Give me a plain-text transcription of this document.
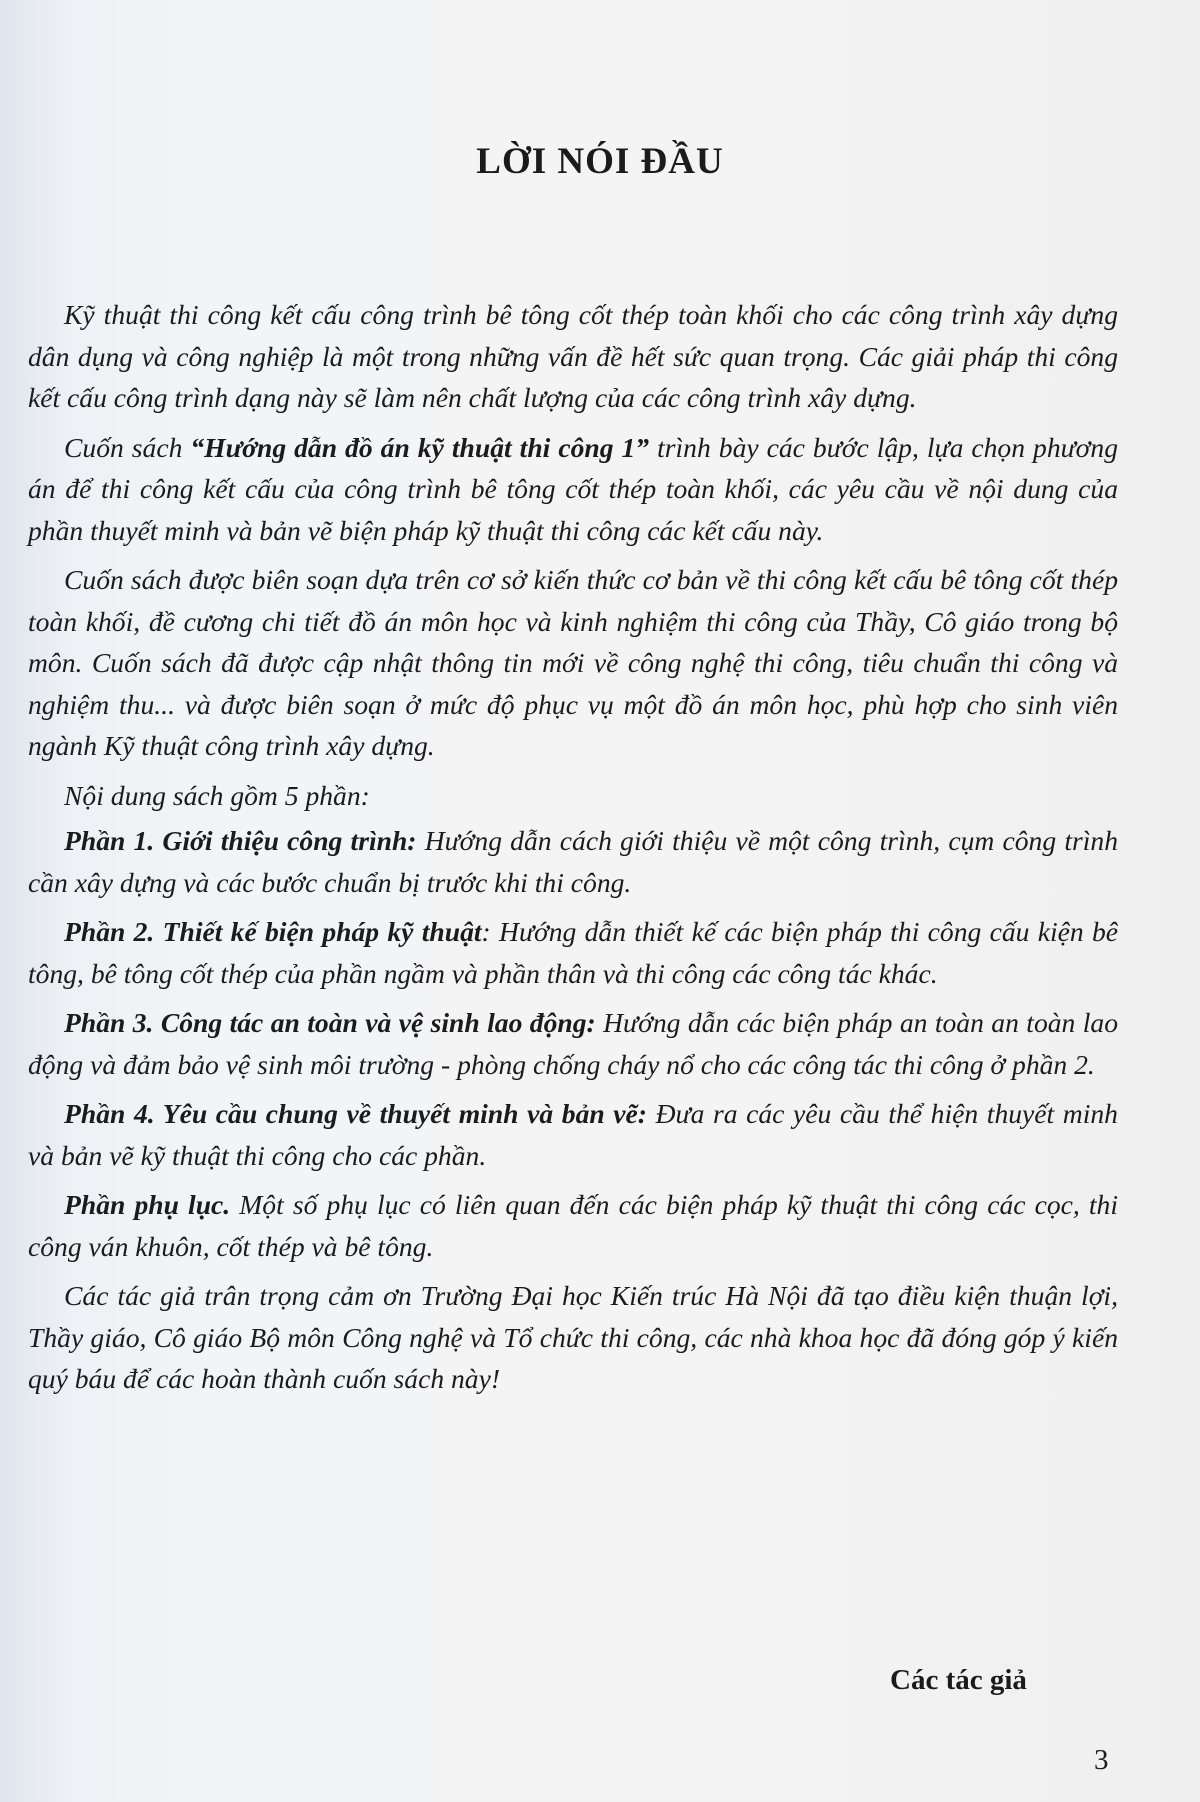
LỜI NÓI ĐẦU

Kỹ thuật thi công kết cấu công trình bê tông cốt thép toàn khối cho các công trình xây dựng dân dụng và công nghiệp là một trong những vấn đề hết sức quan trọng. Các giải pháp thi công kết cấu công trình dạng này sẽ làm nên chất lượng của các công trình xây dựng.

Cuốn sách “Hướng dẫn đồ án kỹ thuật thi công 1” trình bày các bước lập, lựa chọn phương án để thi công kết cấu của công trình bê tông cốt thép toàn khối, các yêu cầu về nội dung của phần thuyết minh và bản vẽ biện pháp kỹ thuật thi công các kết cấu này.

Cuốn sách được biên soạn dựa trên cơ sở kiến thức cơ bản về thi công kết cấu bê tông cốt thép toàn khối, đề cương chi tiết đồ án môn học và kinh nghiệm thi công của Thầy, Cô giáo trong bộ môn. Cuốn sách đã được cập nhật thông tin mới về công nghệ thi công, tiêu chuẩn thi công và nghiệm thu... và được biên soạn ở mức độ phục vụ một đồ án môn học, phù hợp cho sinh viên ngành Kỹ thuật công trình xây dựng.

Nội dung sách gồm 5 phần:

Phần 1. Giới thiệu công trình: Hướng dẫn cách giới thiệu về một công trình, cụm công trình cần xây dựng và các bước chuẩn bị trước khi thi công.

Phần 2. Thiết kế biện pháp kỹ thuật: Hướng dẫn thiết kế các biện pháp thi công cấu kiện bê tông, bê tông cốt thép của phần ngầm và phần thân và thi công các công tác khác.

Phần 3. Công tác an toàn và vệ sinh lao động: Hướng dẫn các biện pháp an toàn an toàn lao động và đảm bảo vệ sinh môi trường - phòng chống cháy nổ cho các công tác thi công ở phần 2.

Phần 4. Yêu cầu chung về thuyết minh và bản vẽ: Đưa ra các yêu cầu thể hiện thuyết minh và bản vẽ kỹ thuật thi công cho các phần.

Phần phụ lục. Một số phụ lục có liên quan đến các biện pháp kỹ thuật thi công các cọc, thi công ván khuôn, cốt thép và bê tông.

Các tác giả trân trọng cảm ơn Trường Đại học Kiến trúc Hà Nội đã tạo điều kiện thuận lợi, Thầy giáo, Cô giáo Bộ môn Công nghệ và Tổ chức thi công, các nhà khoa học đã đóng góp ý kiến quý báu để các hoàn thành cuốn sách này!

Các tác giả

3
